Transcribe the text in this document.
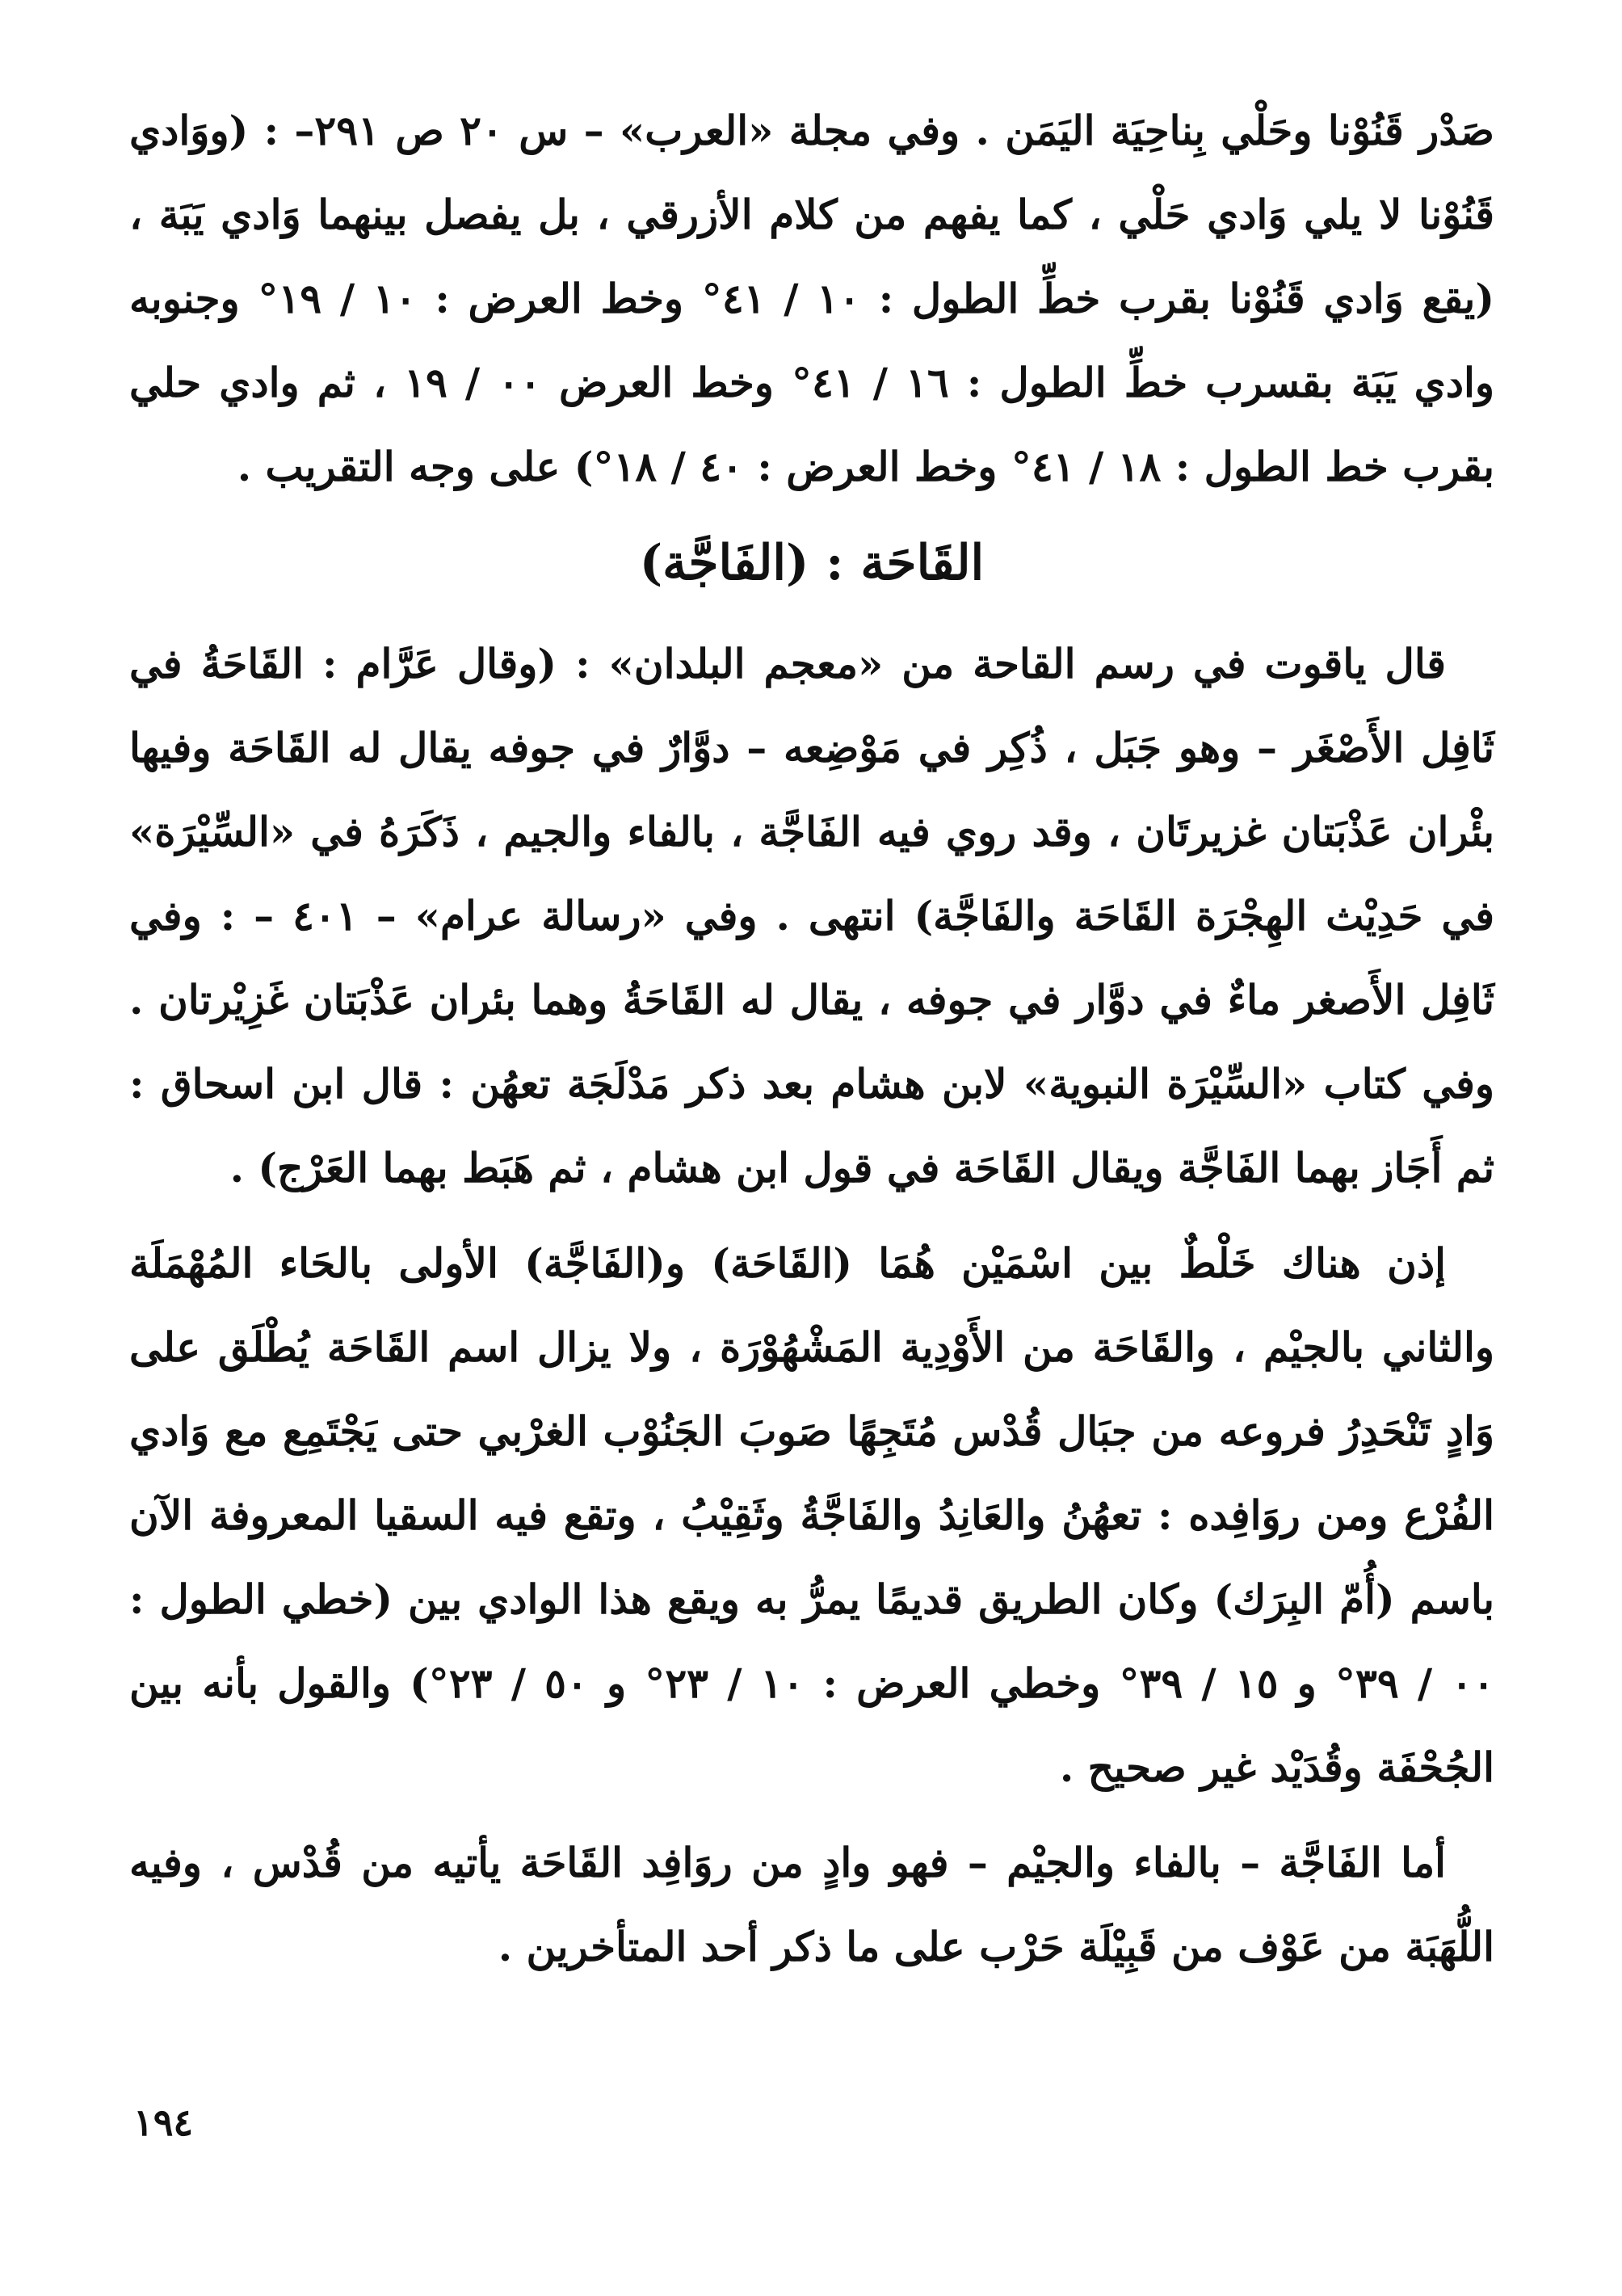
صَدْر قَنُوْنا وحَلْي بِناحِيَة اليَمَن . وفي مجلة «العرب» – س ٢٠ ص ٢٩١– : (ووَادي قَنُوْنا لا يلي وَادي حَلْي ، كما يفهم من كلام الأزرقي ، بل يفصل بينهما وَادي يَبَة ، (يقع وَادي قَنُوْنا بقرب خطِّ الطول : ١٠ / ٤١° وخط العرض : ١٠ / ١٩° وجنوبه وادي يَبَة بقسرب خطِّ الطول : ١٦ / ٤١° وخط العرض ٠٠ / ١٩ ، ثم وادي حلي بقرب خط الطول : ١٨ / ٤١° وخط العرض : ٤٠ / ١٨°) على وجه التقريب .

القَاحَة : (الفَاجَّة)

قال ياقوت في رسم القاحة من «معجم البلدان» : (وقال عَرَّام : القَاحَةُ في ثَافِل الأَصْغَر – وهو جَبَل ، ذُكِر في مَوْضِعه – دوَّارٌ في جوفه يقال له القَاحَة وفيها بئْران عَذْبَتان غزيرتَان ، وقد روي فيه الفَاجَّة ، بالفاء والجيم ، ذَكَرَهُ في «السِّيْرَة» في حَدِيْث الهِجْرَة القَاحَة والفَاجَّة) انتهى . وفي «رسالة عرام» – ٤٠١ – : وفي ثَافِل الأَصغر ماءٌ في دوَّار في جوفه ، يقال له القَاحَةُ وهما بئران عَذْبَتان غَزِيْرتان . وفي كتاب «السِّيْرَة النبوية» لابن هشام بعد ذكر مَدْلَجَة تعهُن : قال ابن اسحاق : ثم أَجَاز بهما الفَاجَّة ويقال القَاحَة في قول ابن هشام ، ثم هَبَط بهما العَرْج) .

إذن هناك خَلْطٌ بين اسْمَيْن هُمَا (القَاحَة) و(الفَاجَّة) الأولى بالحَاء المُهْمَلَة والثاني بالجيْم ، والقَاحَة من الأَوْدِية المَشْهُوْرَة ، ولا يزال اسم القَاحَة يُطْلَق على وَادٍ تَنْحَدِرُ فروعه من جبَال قُدْس مُتَجِهًا صَوبَ الجَنُوْب الغرْبي حتى يَجْتَمِع مع وَادي الفُرْع ومن روَافِده : تعهُنُ والعَانِدُ والفَاجَّةُ وثَقِيْبُ ، وتقع فيه السقيا المعروفة الآن باسم (أُمّ البِرَك) وكان الطريق قديمًا يمرُّ به ويقع هذا الوادي بين (خطي الطول : ٠٠ / ٣٩° و ١٥ / ٣٩° وخطي العرض : ١٠ / ٢٣° و ٥٠ / ٢٣°) والقول بأنه بين الجُحْفَة وقُدَيْد غير صحيح .

أما الفَاجَّة – بالفاء والجيْم – فهو وادٍ من روَافِد القَاحَة يأتيه من قُدْس ، وفيه اللُّهَبَة من عَوْف من قَبِيْلَة حَرْب على ما ذكر أحد المتأخرين .

١٩٤
